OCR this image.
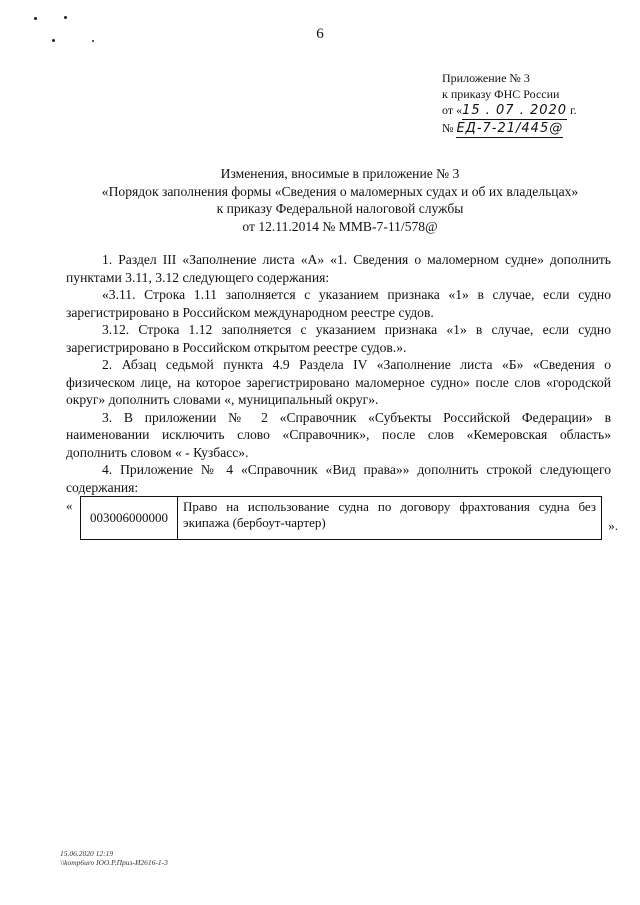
6
Приложение № 3
к приказу ФНС России
от «15 . 07 . 2020 г.
№ ЕД-7-21/445@
Изменения, вносимые в приложение № 3
«Порядок заполнения формы «Сведения о маломерных судах и об их владельцах»
к приказу Федеральной налоговой службы
от 12.11.2014 № ММВ-7-11/578@

1. Раздел III «Заполнение листа «А» «1. Сведения о маломерном судне» дополнить пунктами 3.11, 3.12 следующего содержания:

«3.11. Строка 1.11 заполняется с указанием признака «1» в случае, если судно зарегистрировано в Российском международном реестре судов.

3.12. Строка 1.12 заполняется с указанием признака «1» в случае, если судно зарегистрировано в Российском открытом реестре судов.».

2. Абзац седьмой пункта 4.9 Раздела IV «Заполнение листа «Б» «Сведения о физическом лице, на которое зарегистрировано маломерное судно» после слов «городской округ» дополнить словами «, муниципальный округ».

3. В приложении № 2 «Справочник «Субъекты Российской Федерации» в наименовании исключить слово «Справочник», после слов «Кемеровская область» дополнить словом « - Кузбасс».

4. Приложение № 4 «Справочник «Вид права»» дополнить строкой следующего содержания:

«
003006000000	Право на использование судна по договору фрахтования судна без экипажа (бербоут-чартер)	».
15.06.2020 12:19
\\komp6uro ЮО.P.Приз-И2616-1-3
